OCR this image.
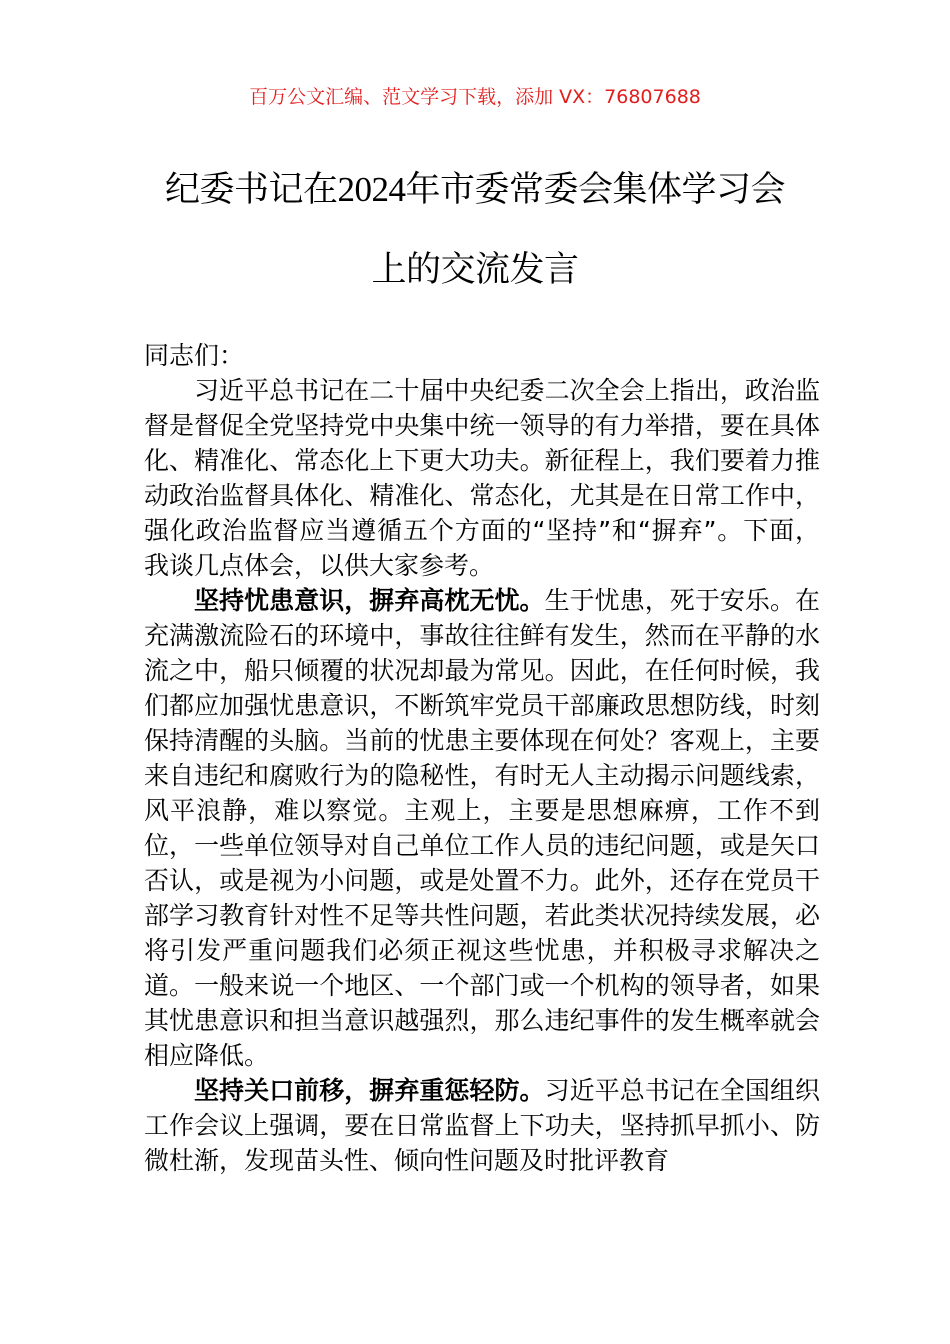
百万公文汇编、范文学习下载，添加 VX：76807688
纪委书记在2024年市委常委会集体学习会
上的交流发言

同志们：

习近平总书记在二十届中央纪委二次全会上指出，政治监督是督促全党坚持党中央集中统一领导的有力举措，要在具体化、精准化、常态化上下更大功夫。新征程上，我们要着力推动政治监督具体化、精准化、常态化，尤其是在日常工作中，强化政治监督应当遵循五个方面的“坚持”和“摒弃”。下面，我谈几点体会，以供大家参考。

坚持忧患意识，摒弃高枕无忧。生于忧患，死于安乐。在充满激流险石的环境中，事故往往鲜有发生，然而在平静的水流之中，船只倾覆的状况却最为常见。因此，在任何时候，我们都应加强忧患意识，不断筑牢党员干部廉政思想防线，时刻保持清醒的头脑。当前的忧患主要体现在何处？客观上，主要来自违纪和腐败行为的隐秘性，有时无人主动揭示问题线索，风平浪静，难以察觉。主观上，主要是思想麻痹，工作不到位，一些单位领导对自己单位工作人员的违纪问题，或是矢口否认，或是视为小问题，或是处置不力。此外，还存在党员干部学习教育针对性不足等共性问题，若此类状况持续发展，必将引发严重问题我们必须正视这些忧患，并积极寻求解决之道。一般来说一个地区、一个部门或一个机构的领导者，如果其忧患意识和担当意识越强烈，那么违纪事件的发生概率就会相应降低。

坚持关口前移，摒弃重惩轻防。习近平总书记在全国组织工作会议上强调，要在日常监督上下功夫，坚持抓早抓小、防微杜渐，发现苗头性、倾向性问题及时批评教育
